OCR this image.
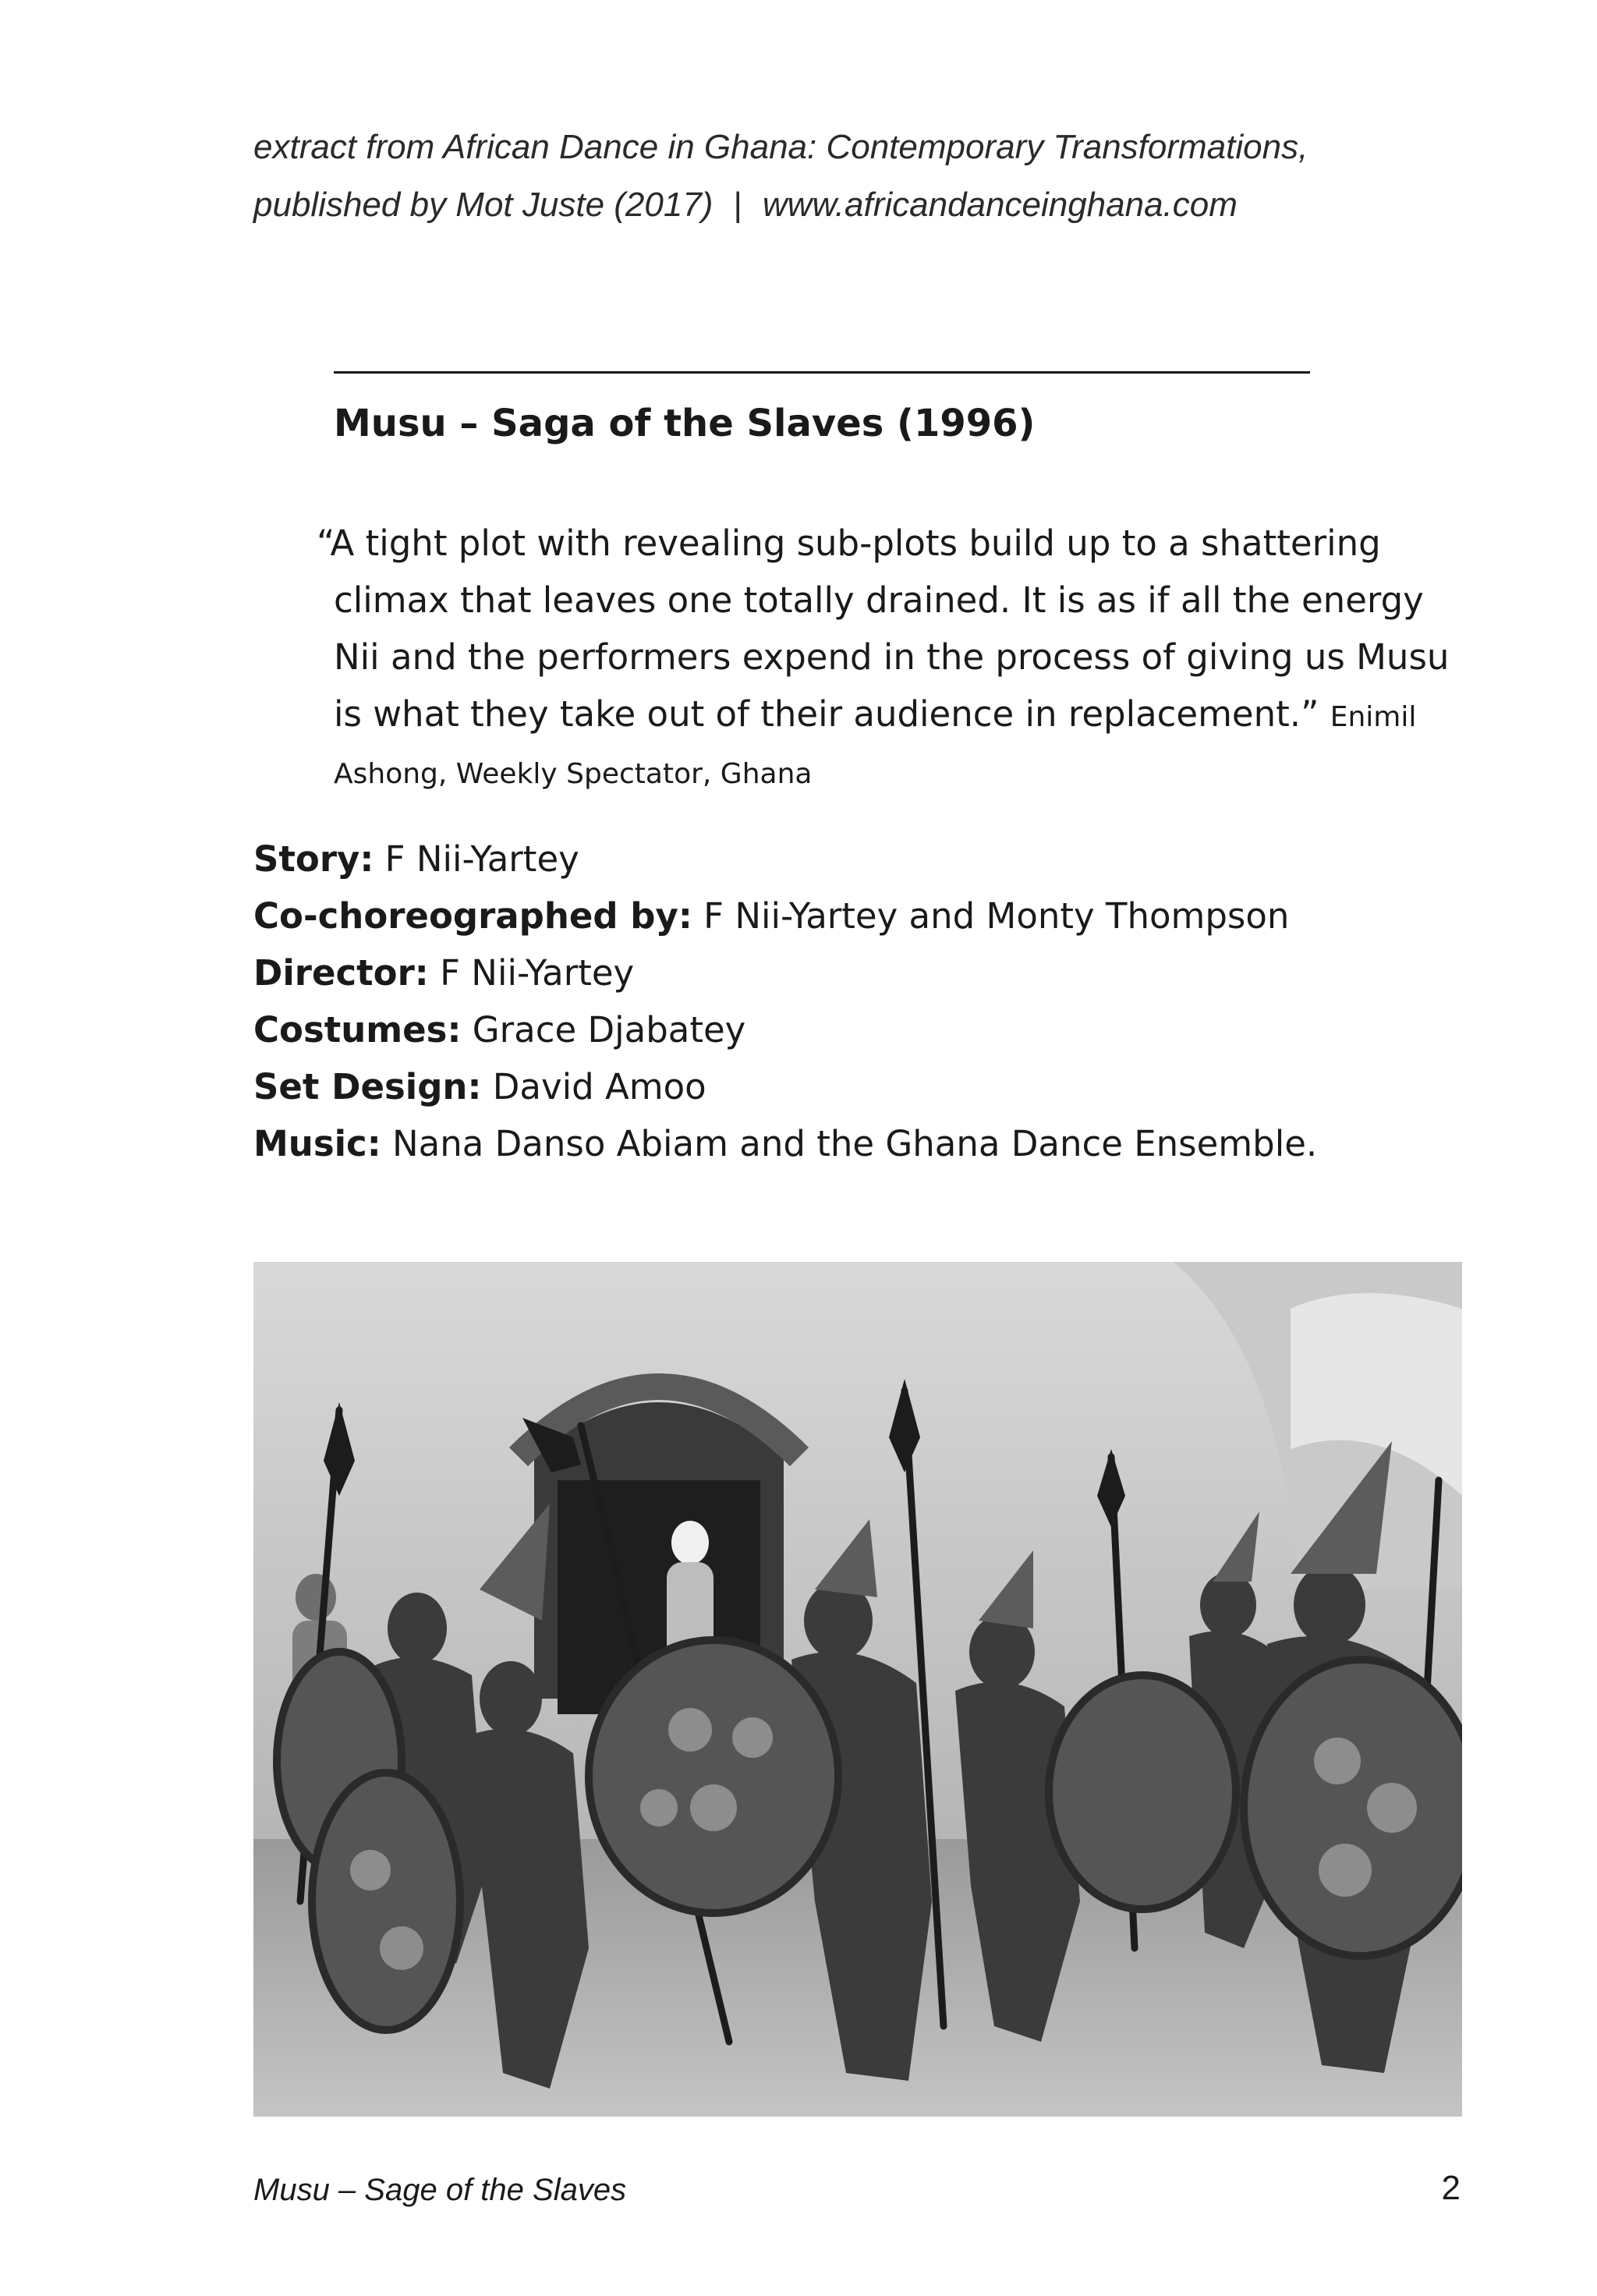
extract from African Dance in Ghana: Contemporary Transformations,
published by Mot Juste (2017) | www.africandanceinghana.com
Musu – Saga of the Slaves (1996)
“A tight plot with revealing sub-plots build up to a shattering
climax that leaves one totally drained. It is as if all the energy
Nii and the performers expend in the process of giving us Musu
is what they take out of their audience in replacement.” Enimil
Ashong, Weekly Spectator, Ghana
Story: F Nii-Yartey
Co-choreographed by: F Nii-Yartey and Monty Thompson
Director: F Nii-Yartey
Costumes: Grace Djabatey
Set Design: David Amoo
Music: Nana Danso Abiam and the Ghana Dance Ensemble.
Musu – Sage of the Slaves	2
